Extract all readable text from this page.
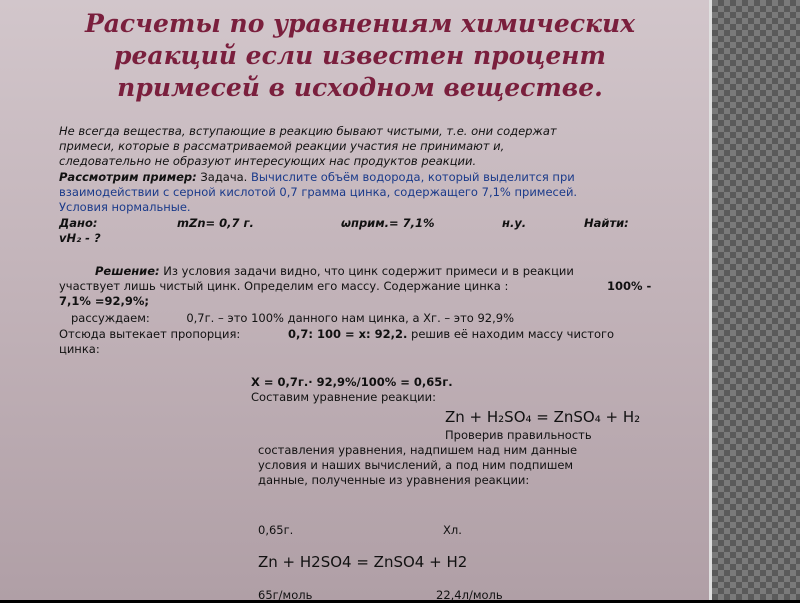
Расчеты по уравнениям химических
реакций если известен процент
примесей в исходном веществе.
Не всегда вещества, вступающие в реакцию бывают чистыми, т.е. они содержат
примеси, которые в рассматриваемой реакции участия не принимают и,
следовательно не образуют интересующих нас продуктов реакции.
Рассмотрим пример: Задача. Вычислите объём водорода, который выделится при
взаимодействии с серной кислотой 0,7 грамма цинка, содержащего 7,1% примесей.
Условия нормальные.
Дано:	mZn= 0,7 г.	ωприм.= 7,1%	н.у.	Найти:
vH₂ - ?
Решение: Из условия задачи видно, что цинк содержит примеси и в реакции
участвует лишь чистый цинк. Определим его массу. Содержание цинка :	100% -
7,1% =92,9%;
рассуждаем:          0,7г. – это 100% данного нам цинка, а Хг. – это 92,9%
Отсюда вытекает пропорция:	0,7: 100 = х: 92,2. решив её находим массу чистого
цинка:
Х = 0,7г.· 92,9%/100% = 0,65г.
Составим уравнение реакции:
Zn + H₂SO₄ = ZnSO₄ + H₂
Проверив правильность
составления уравнения, надпишем над ним данные
условия и наших вычислений, а под ним подпишем
данные, полученные из уравнения реакции:
0,65г.	Хл.
Zn + H2SO4 = ZnSO4 + H2
65г/моль	22,4л/моль
